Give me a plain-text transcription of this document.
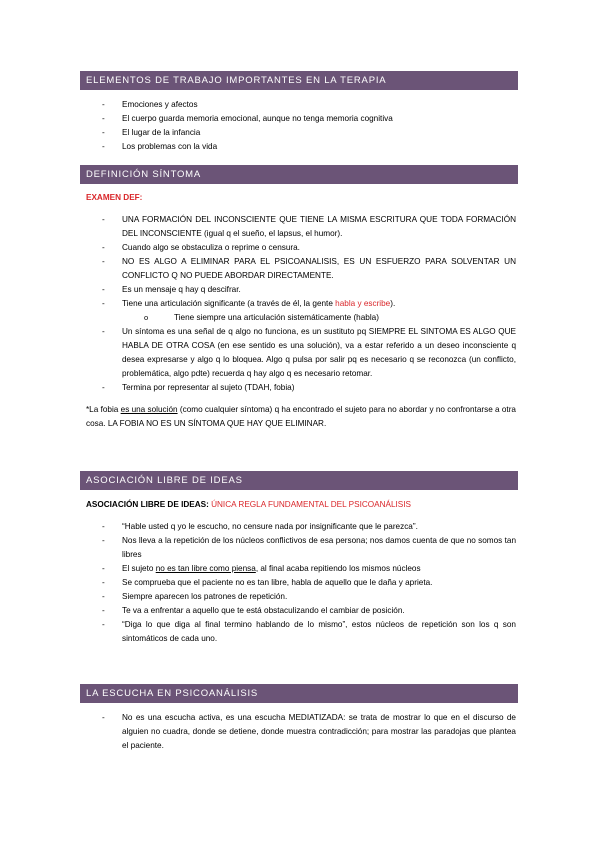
ELEMENTOS DE TRABAJO IMPORTANTES EN LA TERAPIA
- Emociones y afectos
- El cuerpo guarda memoria emocional, aunque no tenga memoria cognitiva
- El lugar de la infancia
- Los problemas con la vida
DEFINICIÓN SÍNTOMA

EXAMEN DEF:

- UNA FORMACIÓN DEL INCONSCIENTE QUE TIENE LA MISMA ESCRITURA QUE TODA FORMACIÓN DEL INCONSCIENTE (igual q el sueño, el lapsus, el humor).
- Cuando algo se obstaculiza o reprime o censura.
- NO ES ALGO A ELIMINAR PARA EL PSICOANALISIS, ES UN ESFUERZO PARA SOLVENTAR UN CONFLICTO Q NO PUEDE ABORDAR DIRECTAMENTE.
- Es un mensaje q hay q descifrar.
- Tiene una articulación significante (a través de él, la gente habla y escribe).
o Tiene siempre una articulación sistemáticamente (habla)
- Un síntoma es una señal de q algo no funciona, es un sustituto pq SIEMPRE EL SINTOMA ES ALGO QUE HABLA DE OTRA COSA (en ese sentido es una solución), va a estar referido a un deseo inconsciente q desea expresarse y algo q lo bloquea. Algo q pulsa por salir pq es necesario q se reconozca (un conflicto, problemática, algo pdte) recuerda q hay algo q es necesario retomar.
- Termina por representar al sujeto (TDAH, fobia)

*La fobia es una solución (como cualquier síntoma) q ha encontrado el sujeto para no abordar y no confrontarse a otra cosa. LA FOBIA NO ES UN SÍNTOMA QUE HAY QUE ELIMINAR.

ASOCIACIÓN LIBRE DE IDEAS

ASOCIACIÓN LIBRE DE IDEAS: ÚNICA REGLA FUNDAMENTAL DEL PSICOANÁLISIS

- “Hable usted q yo le escucho, no censure nada por insignificante que le parezca”.
- Nos lleva a la repetición de los núcleos conflictivos de esa persona; nos damos cuenta de que no somos tan libres
- El sujeto no es tan libre como piensa, al final acaba repitiendo los mismos núcleos
- Se comprueba que el paciente no es tan libre, habla de aquello que le daña y aprieta.
- Siempre aparecen los patrones de repetición.
- Te va a enfrentar a aquello que te está obstaculizando el cambiar de posición.
- “Diga lo que diga al final termino hablando de lo mismo”, estos núcleos de repetición son los q son sintomáticos de cada uno.
LA ESCUCHA EN PSICOANÁLISIS
- No es una escucha activa, es una escucha MEDIATIZADA: se trata de mostrar lo que en el discurso de alguien no cuadra, donde se detiene, donde muestra contradicción; para mostrar las paradojas que plantea el paciente.
